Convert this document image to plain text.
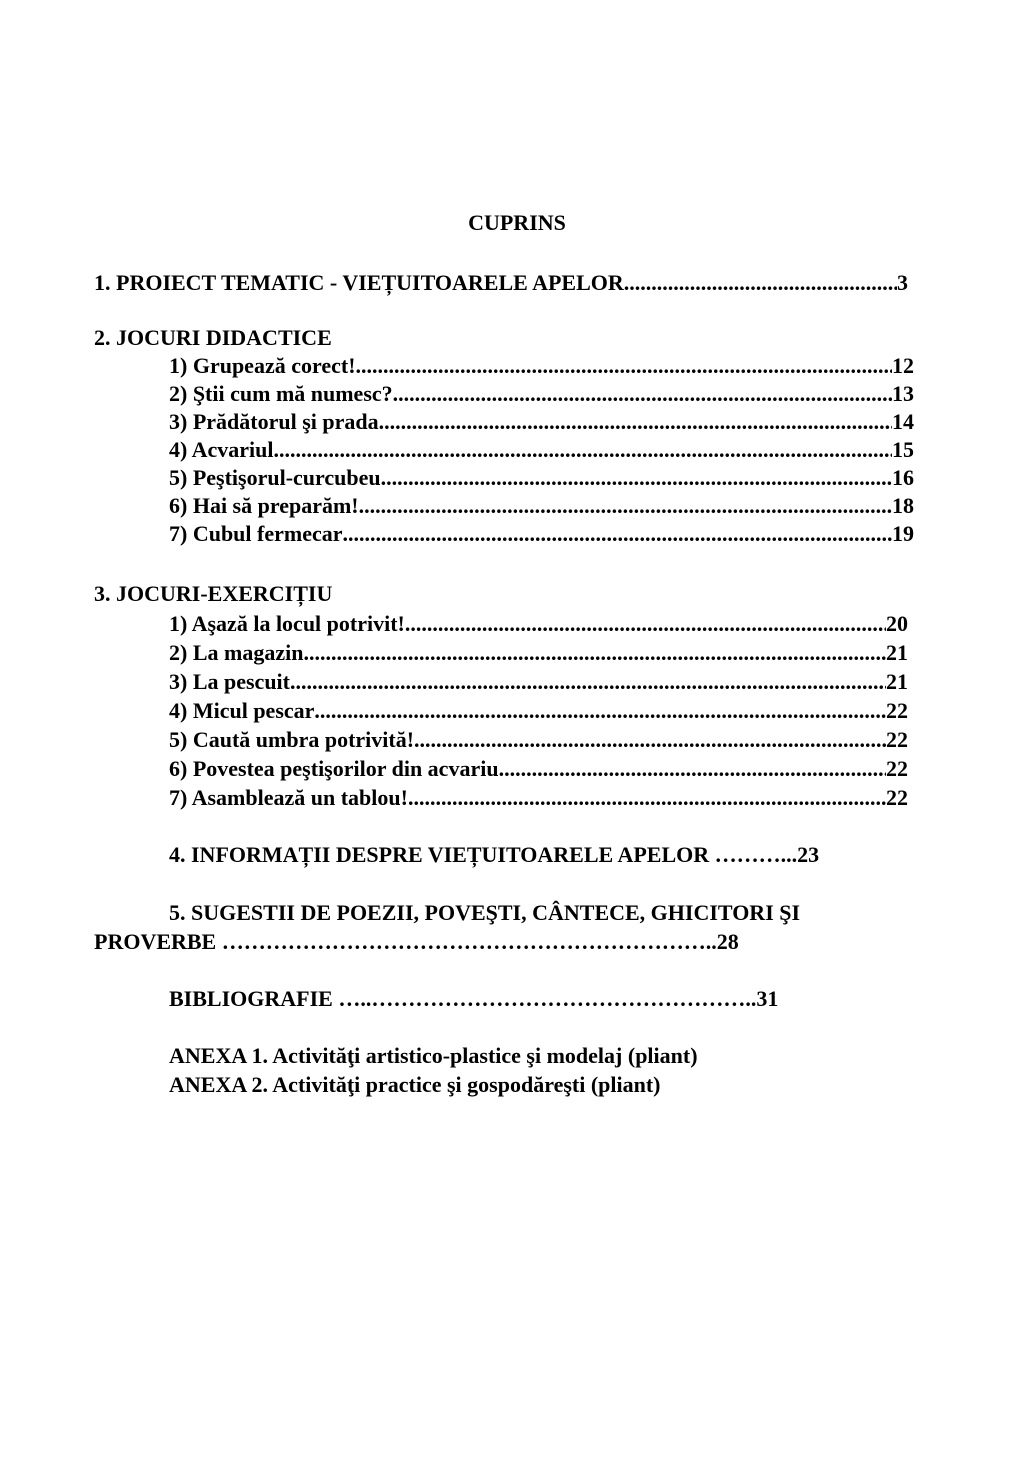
CUPRINS
1. PROIECT TEMATIC - VIEȚUITOARELE APELOR .....	3
2. JOCURI DIDACTICE
1) Grupează corect! .....	12
2) Ştii cum mă numesc? .....	13
3) Prădătorul şi prada .....	14
4) Acvariul .....	15
5) Peştişorul-curcubeu .....	16
6) Hai să preparăm! .....	18
7) Cubul fermecar .....	19
3. JOCURI-EXERCIȚIU
1) Aşază la locul potrivit! .....	20
2) La magazin .....	21
3) La pescuit .....	21
4) Micul pescar .....	22
5) Caută umbra potrivită! .....	22
6) Povestea peştişorilor din acvariu .....	22
7) Asamblează un tablou! .....	22
4. INFORMAȚII DESPRE VIEȚUITOARELE APELOR ………...23
5. SUGESTII DE POEZII, POVEŞTI, CÂNTECE, GHICITORI ŞI
PROVERBE …………………………………………………………..28
BIBLIOGRAFIE …..……………………………………………..31
ANEXA 1. Activităţi artistico-plastice şi modelaj (pliant)
ANEXA 2. Activităţi practice şi gospodăreşti (pliant)
